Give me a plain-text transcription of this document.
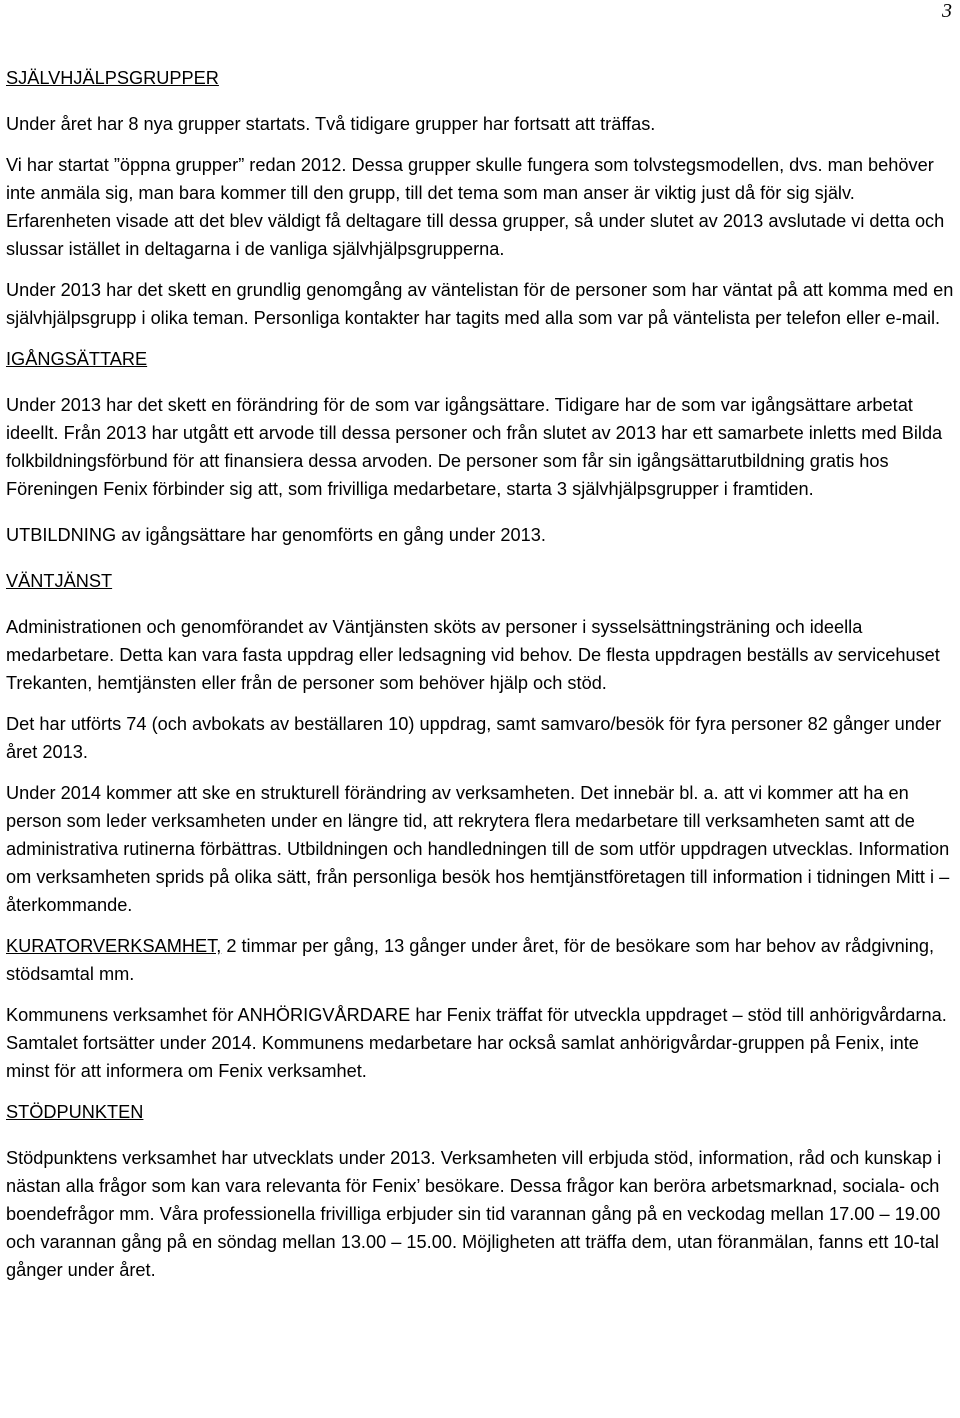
3

SJÄLVHJÄLPSGRUPPER

Under året har 8 nya grupper startats. Två tidigare grupper har fortsatt att träffas.

Vi har startat ”öppna grupper” redan 2012. Dessa grupper skulle fungera som tolvstegsmodellen, dvs. man behöver inte anmäla sig, man bara kommer till den grupp, till det tema som man anser är viktig just då för sig själv. Erfarenheten visade att det blev väldigt få deltagare till dessa grupper, så under slutet av 2013 avslutade vi detta och slussar istället in deltagarna i de vanliga självhjälpsgrupperna.

Under 2013 har det skett en grundlig genomgång av väntelistan för de personer som har väntat på att komma med en självhjälpsgrupp i olika teman. Personliga kontakter har tagits med alla som var på väntelista per telefon eller e-mail.

IGÅNGSÄTTARE

Under 2013 har det skett en förändring för de som var igångsättare. Tidigare har de som var igångsättare arbetat ideellt. Från 2013 har utgått ett arvode till dessa personer och från slutet av 2013 har ett samarbete inletts med Bilda folkbildningsförbund för att finansiera dessa arvoden. De personer som får sin igångsättarutbildning gratis hos Föreningen Fenix förbinder sig att, som frivilliga medarbetare, starta 3 självhjälpsgrupper i framtiden.

UTBILDNING av igångsättare har genomförts en gång under 2013.

VÄNTJÄNST

Administrationen och genomförandet av Väntjänsten sköts av personer i sysselsättningsträning och ideella medarbetare. Detta kan vara fasta uppdrag eller ledsagning vid behov. De flesta uppdragen beställs av servicehuset Trekanten, hemtjänsten eller från de personer som behöver hjälp och stöd.

Det har utförts 74 (och avbokats av beställaren 10) uppdrag, samt samvaro/besök för fyra personer 82 gånger under året 2013.

Under 2014 kommer att ske en strukturell förändring av verksamheten. Det innebär bl. a. att vi kommer att ha en person som leder verksamheten under en längre tid, att rekrytera flera medarbetare till verksamheten samt att de administrativa rutinerna förbättras. Utbildningen och handledningen till de som utför uppdragen utvecklas. Information om verksamheten sprids på olika sätt, från personliga besök hos hemtjänstföretagen till information i tidningen Mitt i – återkommande.

KURATORVERKSAMHET, 2 timmar per gång, 13 gånger under året, för de besökare som har behov av rådgivning, stödsamtal mm.

Kommunens verksamhet för ANHÖRIGVÅRDARE har Fenix träffat för utveckla uppdraget – stöd till anhörigvårdarna. Samtalet fortsätter under 2014. Kommunens medarbetare har också samlat anhörigvårdar-gruppen på Fenix, inte minst för att informera om Fenix verksamhet.

STÖDPUNKTEN

Stödpunktens verksamhet har utvecklats under 2013. Verksamheten vill erbjuda stöd, information, råd och kunskap i nästan alla frågor som kan vara relevanta för Fenix’ besökare. Dessa frågor kan beröra arbetsmarknad, sociala- och boendefrågor mm. Våra professionella frivilliga erbjuder sin tid varannan gång på en veckodag mellan 17.00 – 19.00 och varannan gång på en söndag mellan 13.00 – 15.00. Möjligheten att träffa dem, utan föranmälan, fanns ett 10-tal gånger under året.
